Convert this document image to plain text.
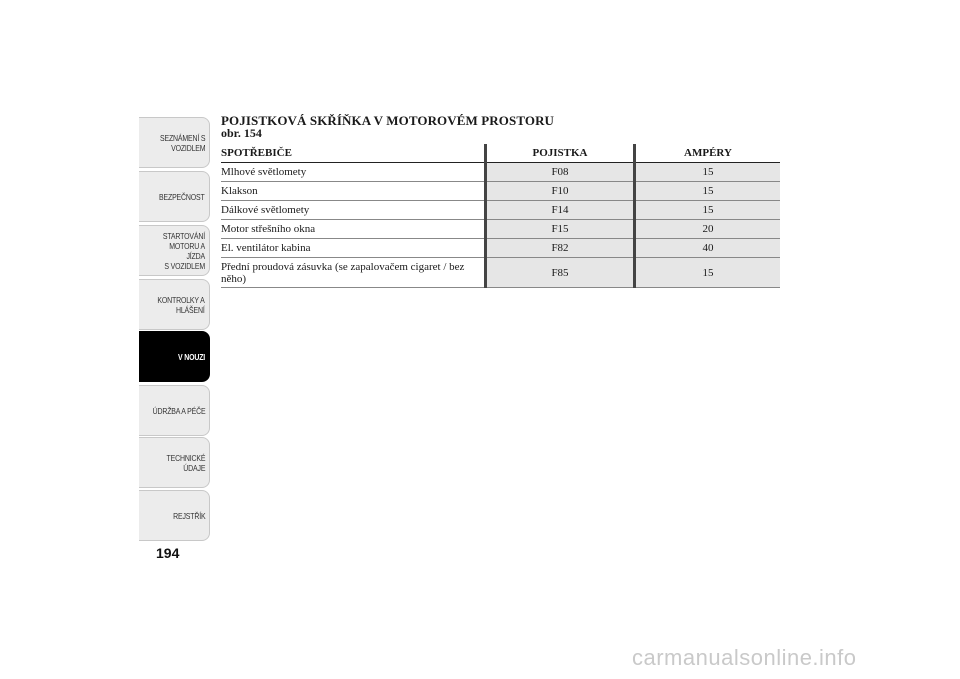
SEZNÁMENÍ S
VOZIDLEM
BEZPEČNOST
STARTOVÁNÍ
MOTORU A JÍZDA
S VOZIDLEM
KONTROLKY A
HLÁŠENÍ
V NOUZI
ÚDRŽBA A PÉČE
TECHNICKÉ
ÚDAJE
REJSTŘÍK
194
POJISTKOVÁ SKŘÍŇKA V MOTOROVÉM PROSTORU
obr. 154
SPOTŘEBIČE	POJISTKA	AMPÉRY
Mlhové světlomety	F08	15
Klakson	F10	15
Dálkové světlomety	F14	15
Motor střešního okna	F15	20
El. ventilátor kabina	F82	40
Přední proudová zásuvka (se zapalovačem cigaret / bez něho)	F85	15
carmanualsonline.info
